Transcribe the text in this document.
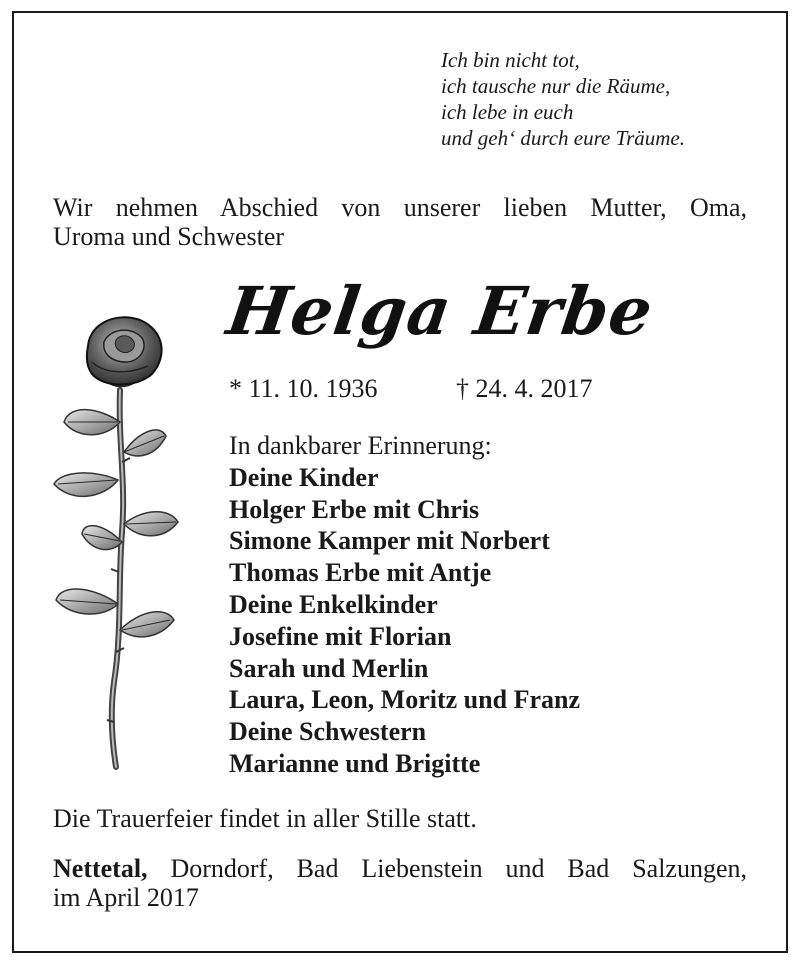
Ich bin nicht tot,
ich tausche nur die Räume,
ich lebe in euch
und geh‘ durch eure Träume.
Wir nehmen Abschied von unserer lieben Mutter, Oma,
Uroma und Schwester
Helga Erbe
* 11. 10. 1936	† 24. 4. 2017
In dankbarer Erinnerung:
Deine Kinder
Holger Erbe mit Chris
Simone Kamper mit Norbert
Thomas Erbe mit Antje
Deine Enkelkinder
Josefine mit Florian
Sarah und Merlin
Laura, Leon, Moritz und Franz
Deine Schwestern
Marianne und Brigitte
Die Trauerfeier findet in aller Stille statt.
Nettetal, Dorndorf, Bad Liebenstein und Bad Salzungen,
im April 2017
